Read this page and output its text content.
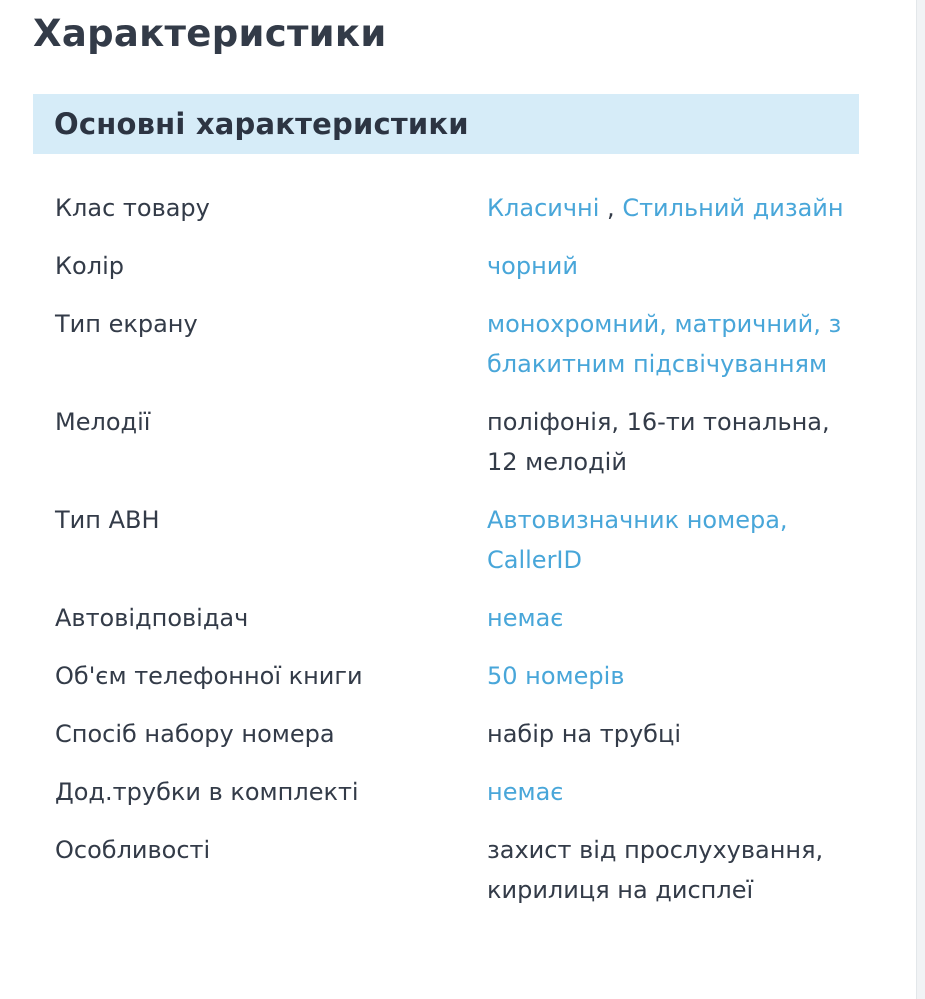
Характеристики
Основні характеристики
Клас товару	Класичні , Стильний дизайн
Колір	чорний
Тип екрану	монохромний, матричний, з блакитним підсвічуванням
Мелодії	поліфонія, 16-ти тональна, 12 мелодій
Тип АВН	Автовизначник номера, CallerID
Автовідповідач	немає
Об'єм телефонної книги	50 номерів
Спосіб набору номера	набір на трубці
Дод.трубки в комплекті	немає
Особливості	захист від прослухування, кирилиця на дисплеї
